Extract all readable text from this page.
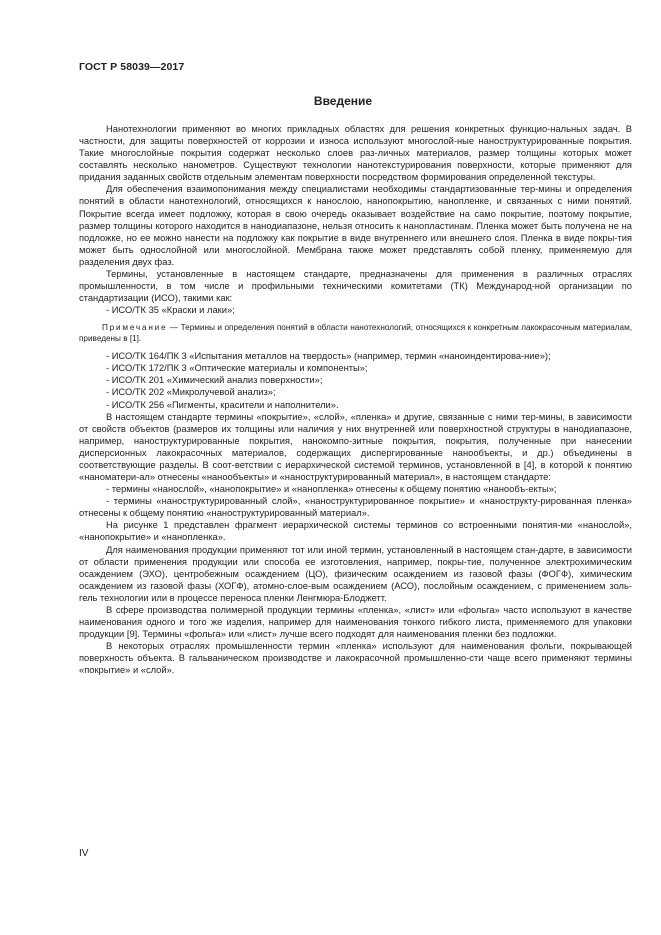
ГОСТ Р 58039—2017
Введение

Нанотехнологии применяют во многих прикладных областях для решения конкретных функцио-нальных задач. В частности, для защиты поверхностей от коррозии и износа используют многослой-ные наноструктурированные покрытия. Такие многослойные покрытия содержат несколько слоев раз-личных материалов, размер толщины которых может составлять несколько нанометров. Существуют технологии нанотекстурирования поверхности, которые применяют для придания заданных свойств отдельным элементам поверхности посредством формирования определенной текстуры.

Для обеспечения взаимопонимания между специалистами необходимы стандартизованные тер-мины и определения понятий в области нанотехнологий, относящихся к нанослою, нанопокрытию, нанопленке, и связанных с ними понятий. Покрытие всегда имеет подложку, которая в свою очередь оказывает воздействие на само покрытие, поэтому покрытие, размер толщины которого находится в нанодиапазоне, нельзя относить к нанопластинам. Пленка может быть получена не на подложке, но ее можно нанести на подложку как покрытие в виде внутреннего или внешнего слоя. Пленка в виде покры-тия может быть однослойной или многослойной. Мембрана также может представлять собой пленку, применяемую для разделения двух фаз.

Термины, установленные в настоящем стандарте, предназначены для применения в различных отраслях промышленности, в том числе и профильными техническими комитетами (ТК) Международ-ной организации по стандартизации (ИСО), такими как:

- ИСО/ТК 35 «Краски и лаки»;

Примечание — Термины и определения понятий в области нанотехнологий, относящихся к конкретным лакокрасочным материалам, приведены в [1].

- ИСО/ТК 164/ПК 3 «Испытания металлов на твердость» (например, термин «наноиндентирова-ние»);

- ИСО/ТК 172/ПК 3 «Оптические материалы и компоненты»;

- ИСО/ТК 201 «Химический анализ поверхности»;

- ИСО/ТК 202 «Микролучевой анализ»;

- ИСО/ТК 256 «Пигменты, красители и наполнители».

В настоящем стандарте термины «покрытие», «слой», «пленка» и другие, связанные с ними тер-мины, в зависимости от свойств объектов (размеров их толщины или наличия у них внутренней или поверхностной структуры в нанодиапазоне, например, наноструктурированные покрытия, нанокомпо-зитные покрытия, покрытия, полученные при нанесении дисперсионных лакокрасочных материалов, содержащих диспергированные нанообъекты, и др.) объединены в соответствующие разделы. В соот-ветствии с иерархической системой терминов, установленной в [4], в которой к понятию «наноматери-ал» отнесены «нанообъекты» и «наноструктурированный материал», в настоящем стандарте:

- термины «нанослой», «нанопокрытие» и «нанопленка» отнесены к общему понятию «нанообъ-екты»;

- термины «наноструктурированный слой», «наноструктурированное покрытие» и «нанострукту-рированная пленка» отнесены к общему понятию «наноструктурированный материал».

На рисунке 1 представлен фрагмент иерархической системы терминов со встроенными понятия-ми «нанослой», «нанопокрытие» и «нанопленка».

Для наименования продукции применяют тот или иной термин, установленный в настоящем стан-дарте, в зависимости от области применения продукции или способа ее изготовления, например, покры-тие, полученное электрохимическим осаждением (ЭХО), центробежным осаждением (ЦО), физическим осаждением из газовой фазы (ФОГФ), химическим осаждением из газовой фазы (ХОГФ), атомно-слое-вым осаждением (АСО), послойным осаждением, с применением золь-гель технологии или в процессе переноса пленки Ленгмюра-Блоджетт.

В сфере производства полимерной продукции термины «пленка», «лист» или «фольга» часто используют в качестве наименования одного и того же изделия, например для наименования тонкого гибкого листа, применяемого для упаковки продукции [9]. Термины «фольга» или «лист» лучше всего подходят для наименования пленки без подложки.

В некоторых отраслях промышленности термин «пленка» используют для наименования фольги, покрывающей поверхность объекта. В гальваническом производстве и лакокрасочной промышленно-сти чаще всего применяют термины «покрытие» и «слой».

IV
